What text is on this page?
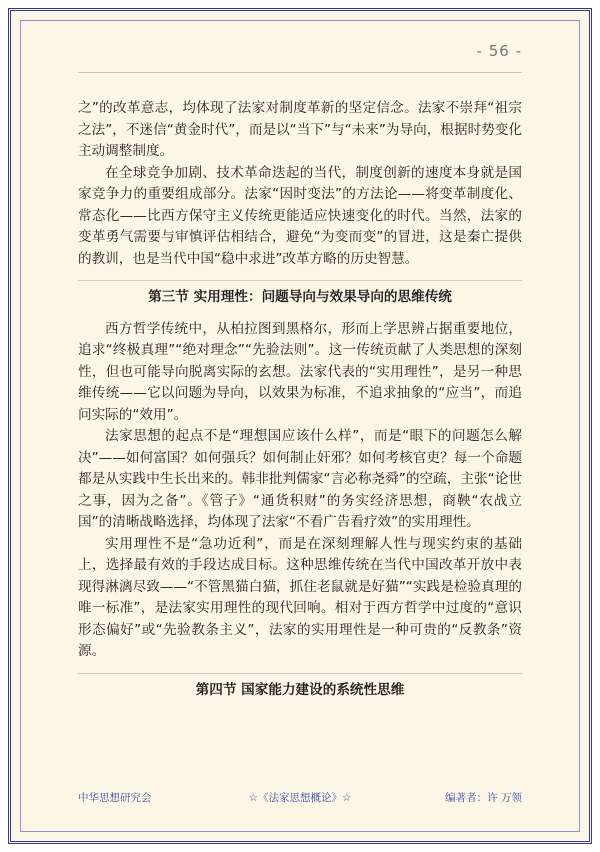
- 56 -

之”的改革意志，均体现了法家对制度革新的坚定信念。法家不崇拜“祖宗之法”，不迷信“黄金时代”，而是以“当下”与“未来”为导向，根据时势变化主动调整制度。

在全球竞争加剧、技术革命迭起的当代，制度创新的速度本身就是国家竞争力的重要组成部分。法家“因时变法”的方法论——将变革制度化、常态化——比西方保守主义传统更能适应快速变化的时代。当然，法家的变革勇气需要与审慎评估相结合，避免“为变而变”的冒进，这是秦亡提供的教训，也是当代中国“稳中求进”改革方略的历史智慧。

第三节 实用理性：问题导向与效果导向的思维传统

西方哲学传统中，从柏拉图到黑格尔，形而上学思辨占据重要地位，追求“终极真理”“绝对理念”“先验法则”。这一传统贡献了人类思想的深刻性，但也可能导向脱离实际的玄想。法家代表的“实用理性”，是另一种思维传统——它以问题为导向，以效果为标准，不追求抽象的“应当”，而追问实际的“效用”。

法家思想的起点不是“理想国应该什么样”，而是“眼下的问题怎么解决”——如何富国？如何强兵？如何制止奸邪？如何考核官吏？每一个命题都是从实践中生长出来的。韩非批判儒家“言必称尧舜”的空疏，主张“论世之事，因为之备”。《管子》“通货积财”的务实经济思想，商鞅“农战立国”的清晰战略选择，均体现了法家“不看广告看疗效”的实用理性。

实用理性不是“急功近利”，而是在深刻理解人性与现实约束的基础上，选择最有效的手段达成目标。这种思维传统在当代中国改革开放中表现得淋漓尽致——“不管黑猫白猫，抓住老鼠就是好猫”“实践是检验真理的唯一标准”，是法家实用理性的现代回响。相对于西方哲学中过度的“意识形态偏好”或“先验教条主义”，法家的实用理性是一种可贵的“反教条”资源。

第四节 国家能力建设的系统性思维
中华思想研究会	☆《法家思想概论》☆	编著者：许 万领
